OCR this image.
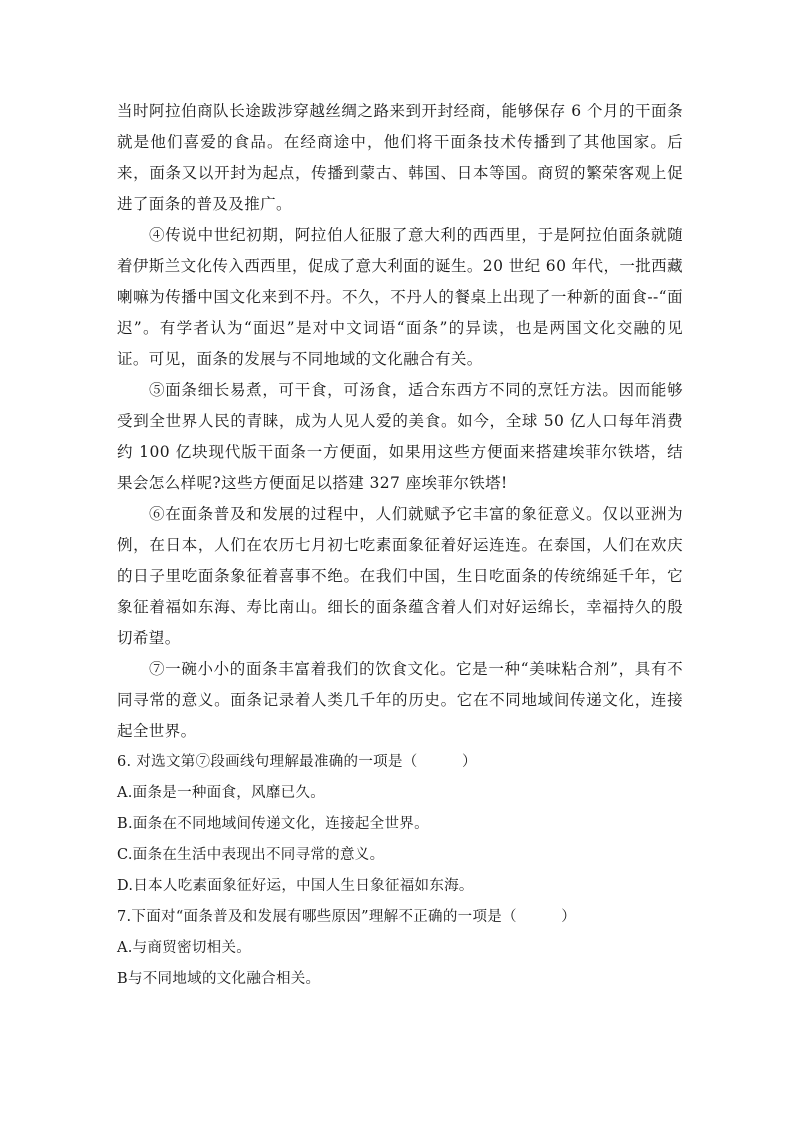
当时阿拉伯商队长途跋涉穿越丝绸之路来到开封经商，能够保存 6 个月的干面条就是他们喜爱的食品。在经商途中，他们将干面条技术传播到了其他国家。后来，面条又以开封为起点，传播到蒙古、韩国、日本等国。商贸的繁荣客观上促进了面条的普及及推广。

④传说中世纪初期，阿拉伯人征服了意大利的西西里，于是阿拉伯面条就随着伊斯兰文化传入西西里，促成了意大利面的诞生。20 世纪 60 年代，一批西藏喇嘛为传播中国文化来到不丹。不久，不丹人的餐桌上出现了一种新的面食--“面迟”。有学者认为“面迟”是对中文词语“面条”的异读，也是两国文化交融的见证。可见，面条的发展与不同地域的文化融合有关。

⑤面条细长易煮，可干食，可汤食，适合东西方不同的烹饪方法。因而能够受到全世界人民的青睐，成为人见人爱的美食。如今，全球 50 亿人口每年消费约 100 亿块现代版干面条一方便面，如果用这些方便面来搭建埃菲尔铁塔，结果会怎么样呢?这些方便面足以搭建 327 座埃菲尔铁塔!

⑥在面条普及和发展的过程中，人们就赋予它丰富的象征意义。仅以亚洲为例，在日本，人们在农历七月初七吃素面象征着好运连连。在泰国，人们在欢庆的日子里吃面条象征着喜事不绝。在我们中国，生日吃面条的传统绵延千年，它象征着福如东海、寿比南山。细长的面条蕴含着人们对好运绵长，幸福持久的殷切希望。

⑦一碗小小的面条丰富着我们的饮食文化。它是一种“美味粘合剂”，具有不同寻常的意义。面条记录着人类几千年的历史。它在不同地域间传递文化，连接起全世界。

6. 对选文第⑦段画线句理解最准确的一项是（　　　）

A.面条是一种面食，风靡已久。

B.面条在不同地域间传递文化，连接起全世界。

C.面条在生活中表现出不同寻常的意义。

D.日本人吃素面象征好运，中国人生日象征福如东海。

7.下面对“面条普及和发展有哪些原因”理解不正确的一项是（　　　）

A.与商贸密切相关。

B与不同地域的文化融合相关。
